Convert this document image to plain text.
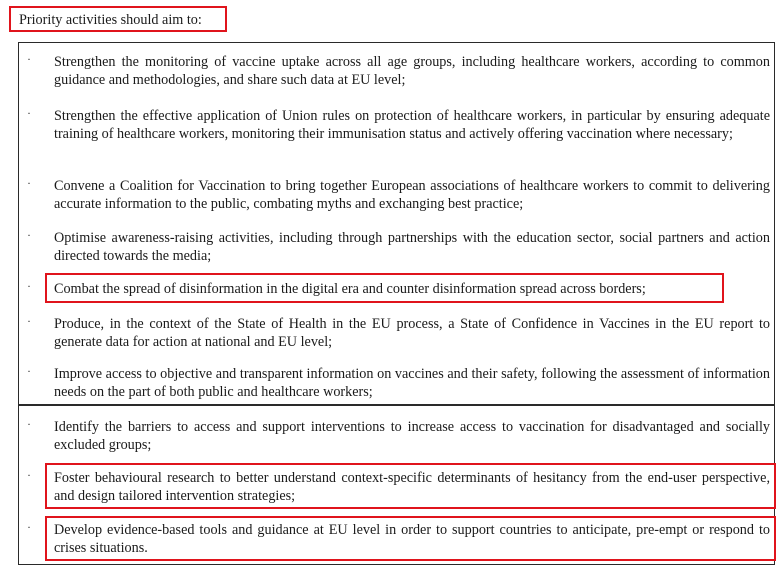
Priority activities should aim to:
· Strengthen the monitoring of vaccine uptake across all age groups, including healthcare workers, according to common guidance and methodologies, and share such data at EU level;
· Strengthen the effective application of Union rules on protection of healthcare workers, in particular by ensuring adequate training of healthcare workers, monitoring their immunisation status and actively offering vaccination where necessary;
· Convene a Coalition for Vaccination to bring together European associations of healthcare workers to commit to delivering accurate information to the public, combating myths and exchanging best practice;
· Optimise awareness-raising activities, including through partnerships with the education sector, social partners and action directed towards the media;
· Combat the spread of disinformation in the digital era and counter disinformation spread across borders;
· Produce, in the context of the State of Health in the EU process, a State of Confidence in Vaccines in the EU report to generate data for action at national and EU level;
· Improve access to objective and transparent information on vaccines and their safety, following the assessment of information needs on the part of both public and healthcare workers;
· Identify the barriers to access and support interventions to increase access to vaccination for disadvantaged and socially excluded groups;
· Foster behavioural research to better understand context-specific determinants of hesitancy from the end-user perspective, and design tailored intervention strategies;
· Develop evidence-based tools and guidance at EU level in order to support countries to anticipate, pre-empt or respond to crises situations.
